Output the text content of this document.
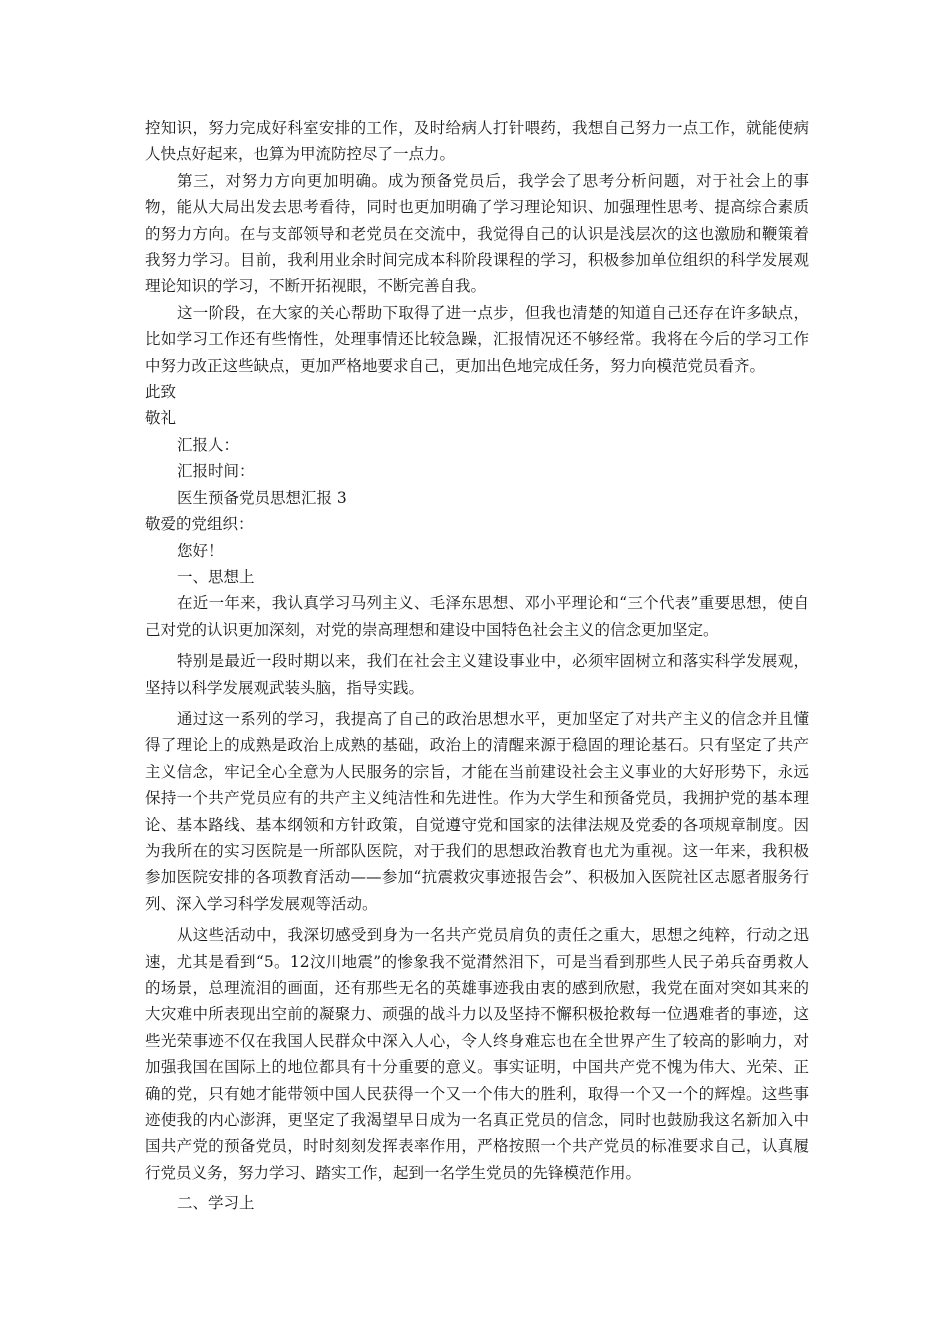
控知识，努力完成好科室安排的工作，及时给病人打针喂药，我想自己努力一点工作，就能使病人快点好起来，也算为甲流防控尽了一点力。

第三，对努力方向更加明确。成为预备党员后，我学会了思考分析问题，对于社会上的事物，能从大局出发去思考看待，同时也更加明确了学习理论知识、加强理性思考、提高综合素质的努力方向。在与支部领导和老党员在交流中，我觉得自己的认识是浅层次的这也激励和鞭策着我努力学习。目前，我利用业余时间完成本科阶段课程的学习，积极参加单位组织的科学发展观理论知识的学习，不断开拓视眼，不断完善自我。

这一阶段，在大家的关心帮助下取得了进一点步，但我也清楚的知道自己还存在许多缺点，比如学习工作还有些惰性，处理事情还比较急躁，汇报情况还不够经常。我将在今后的学习工作中努力改正这些缺点，更加严格地要求自己，更加出色地完成任务，努力向模范党员看齐。

此致

敬礼

汇报人：

汇报时间：

医生预备党员思想汇报 3

敬爱的党组织：

您好！

一、思想上

在近一年来，我认真学习马列主义、毛泽东思想、邓小平理论和“三个代表”重要思想，使自己对党的认识更加深刻，对党的崇高理想和建设中国特色社会主义的信念更加坚定。

特别是最近一段时期以来，我们在社会主义建设事业中，必须牢固树立和落实科学发展观，坚持以科学发展观武装头脑，指导实践。

通过这一系列的学习，我提高了自己的政治思想水平，更加坚定了对共产主义的信念并且懂得了理论上的成熟是政治上成熟的基础，政治上的清醒来源于稳固的理论基石。只有坚定了共产主义信念，牢记全心全意为人民服务的宗旨，才能在当前建设社会主义事业的大好形势下，永远保持一个共产党员应有的共产主义纯洁性和先进性。作为大学生和预备党员，我拥护党的基本理论、基本路线、基本纲领和方针政策，自觉遵守党和国家的法律法规及党委的各项规章制度。因为我所在的实习医院是一所部队医院，对于我们的思想政治教育也尤为重视。这一年来，我积极参加医院安排的各项教育活动——参加“抗震救灾事迹报告会”、积极加入医院社区志愿者服务行列、深入学习科学发展观等活动。

从这些活动中，我深切感受到身为一名共产党员肩负的责任之重大，思想之纯粹，行动之迅速，尤其是看到“5。12汶川地震”的惨象我不觉潸然泪下，可是当看到那些人民子弟兵奋勇救人的场景，总理流泪的画面，还有那些无名的英雄事迹我由衷的感到欣慰，我党在面对突如其来的大灾难中所表现出空前的凝聚力、顽强的战斗力以及坚持不懈积极抢救每一位遇难者的事迹，这些光荣事迹不仅在我国人民群众中深入人心，令人终身难忘也在全世界产生了较高的影响力，对加强我国在国际上的地位都具有十分重要的意义。事实证明，中国共产党不愧为伟大、光荣、正确的党，只有她才能带领中国人民获得一个又一个伟大的胜利，取得一个又一个的辉煌。这些事迹使我的内心澎湃，更坚定了我渴望早日成为一名真正党员的信念，同时也鼓励我这名新加入中国共产党的预备党员，时时刻刻发挥表率作用，严格按照一个共产党员的标准要求自己，认真履行党员义务，努力学习、踏实工作，起到一名学生党员的先锋模范作用。

二、学习上
